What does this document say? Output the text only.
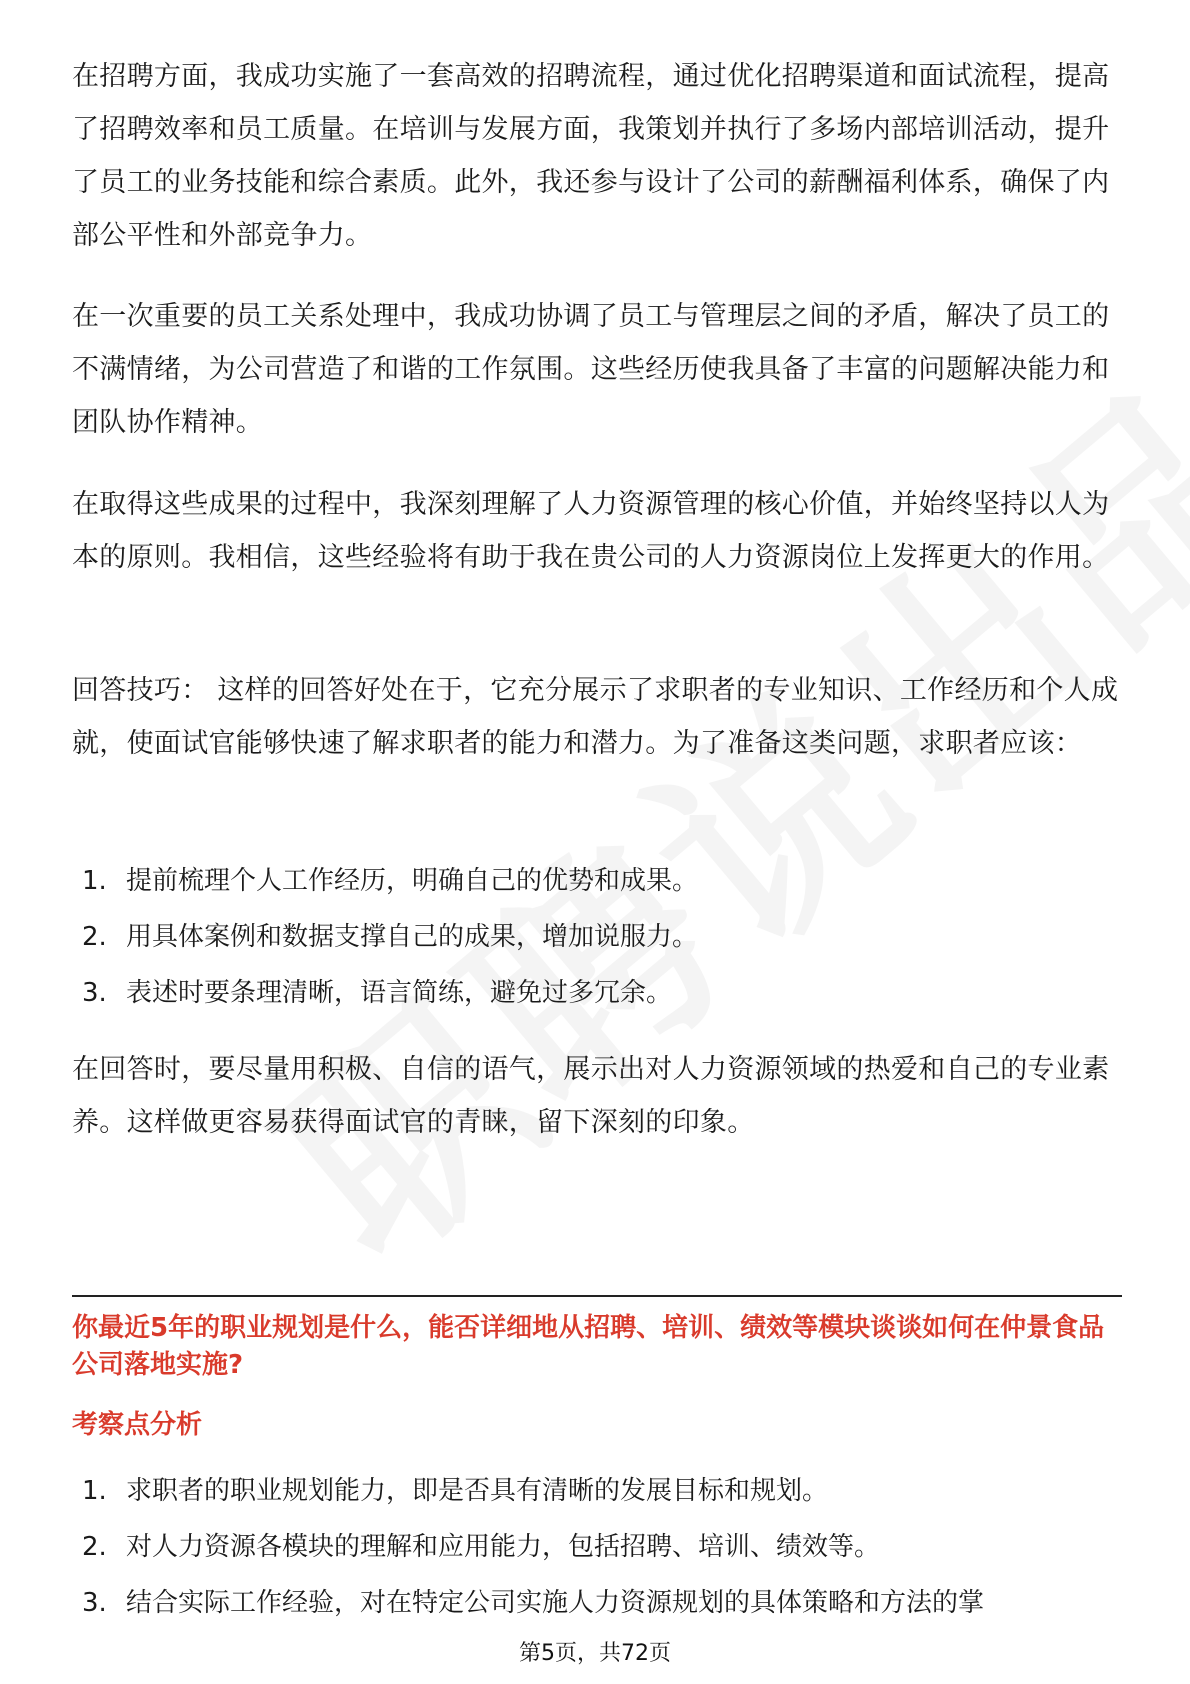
在招聘方面，我成功实施了一套高效的招聘流程，通过优化招聘渠道和面试流程，提高了招聘效率和员工质量。在培训与发展方面，我策划并执行了多场内部培训活动，提升了员工的业务技能和综合素质。此外，我还参与设计了公司的薪酬福利体系，确保了内部公平性和外部竞争力。

在一次重要的员工关系处理中，我成功协调了员工与管理层之间的矛盾，解决了员工的不满情绪，为公司营造了和谐的工作氛围。这些经历使我具备了丰富的问题解决能力和团队协作精神。

在取得这些成果的过程中，我深刻理解了人力资源管理的核心价值，并始终坚持以人为本的原则。我相信，这些经验将有助于我在贵公司的人力资源岗位上发挥更大的作用。

回答技巧： 这样的回答好处在于，它充分展示了求职者的专业知识、工作经历和个人成就，使面试官能够快速了解求职者的能力和潜力。为了准备这类问题，求职者应该：

1. 提前梳理个人工作经历，明确自己的优势和成果。
2. 用具体案例和数据支撑自己的成果，增加说服力。
3. 表述时要条理清晰，语言简练，避免过多冗余。

在回答时，要尽量用积极、自信的语气，展示出对人力资源领域的热爱和自己的专业素养。这样做更容易获得面试官的青睐，留下深刻的印象。

你最近5年的职业规划是什么，能否详细地从招聘、培训、绩效等模块谈谈如何在仲景食品公司落地实施?

考察点分析

1. 求职者的职业规划能力，即是否具有清晰的发展目标和规划。
2. 对人力资源各模块的理解和应用能力，包括招聘、培训、绩效等。
3. 结合实际工作经验，对在特定公司实施人力资源规划的具体策略和方法的掌
第5页，共72页
